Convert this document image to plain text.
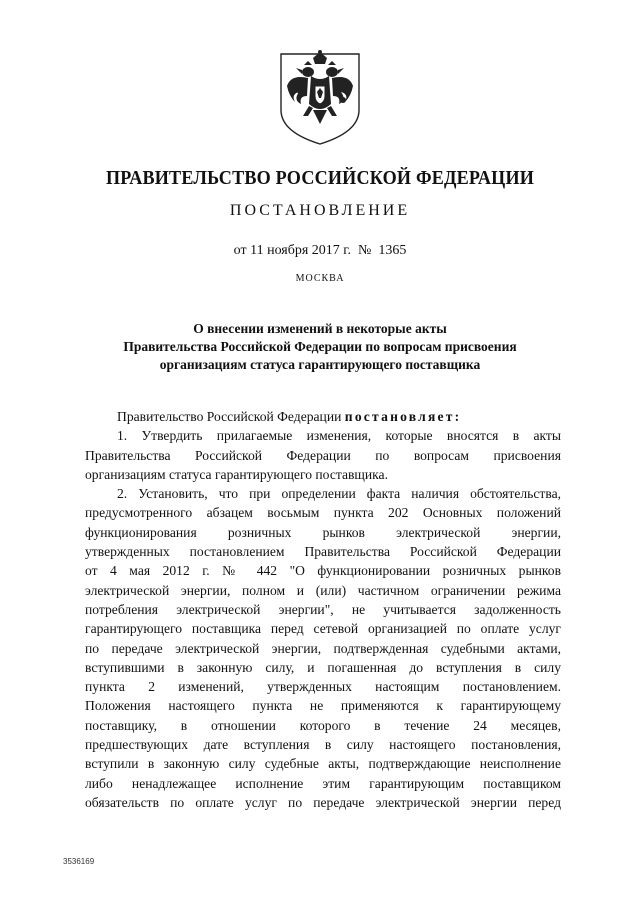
ПРАВИТЕЛЬСТВО РОССИЙСКОЙ ФЕДЕРАЦИИ
ПОСТАНОВЛЕНИЕ
от 11 ноября 2017 г.  №  1365
МОСКВА
О внесении изменений в некоторые акты
Правительства Российской Федерации по вопросам присвоения
организациям статуса гарантирующего поставщика
Правительство Российской Федерации постановляет:
1. Утвердить прилагаемые изменения, которые вносятся в акты
Правительства Российской Федерации по вопросам присвоения
организациям статуса гарантирующего поставщика.
2. Установить, что при определении факта наличия обстоятельства,
предусмотренного абзацем восьмым пункта 202 Основных положений
функционирования розничных рынков электрической энергии,
утвержденных постановлением Правительства Российской Федерации
от 4 мая 2012 г. № 442 "О функционировании розничных рынков
электрической энергии, полном и (или) частичном ограничении режима
потребления электрической энергии", не учитывается задолженность
гарантирующего поставщика перед сетевой организацией по оплате услуг
по передаче электрической энергии, подтвержденная судебными актами,
вступившими в законную силу, и погашенная до вступления в силу
пункта 2 изменений, утвержденных настоящим постановлением.
Положения настоящего пункта не применяются к гарантирующему
поставщику, в отношении которого в течение 24 месяцев,
предшествующих дате вступления в силу настоящего постановления,
вступили в законную силу судебные акты, подтверждающие неисполнение
либо ненадлежащее исполнение этим гарантирующим поставщиком
обязательств по оплате услуг по передаче электрической энергии перед
3536169
